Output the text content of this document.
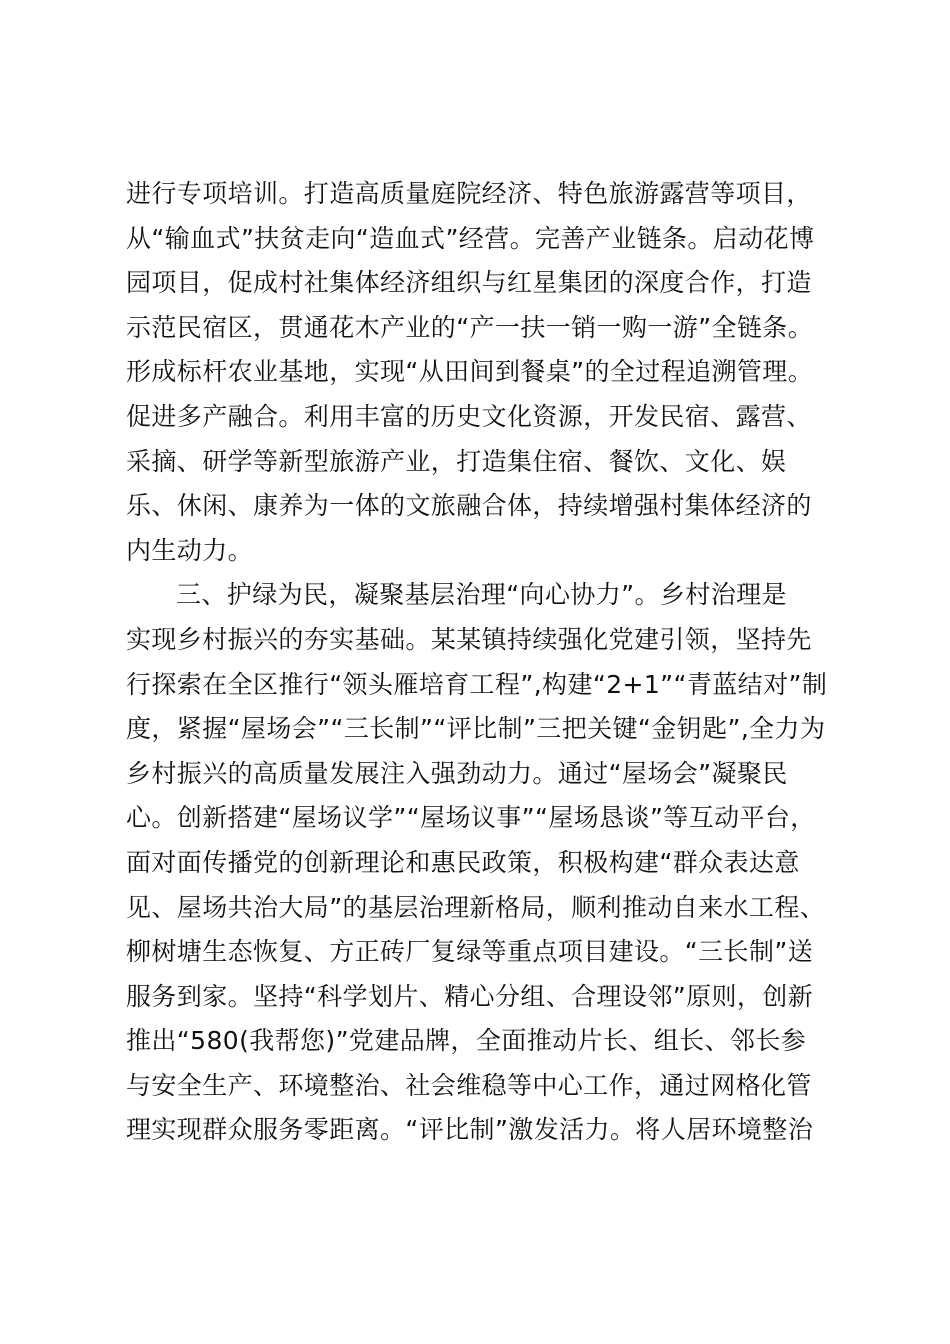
进行专项培训。打造高质量庭院经济、特色旅游露营等项目，
从“输血式”扶贫走向“造血式”经营。完善产业链条。启动花博
园项目，促成村社集体经济组织与红星集团的深度合作，打造
示范民宿区，贯通花木产业的“产一扶一销一购一游”全链条。
形成标杆农业基地，实现“从田间到餐桌”的全过程追溯管理。
促进多产融合。利用丰富的历史文化资源，开发民宿、露营、
采摘、研学等新型旅游产业，打造集住宿、餐饮、文化、娱
乐、休闲、康养为一体的文旅融合体，持续增强村集体经济的
内生动力。
三、护绿为民，凝聚基层治理“向心协力”。乡村治理是
实现乡村振兴的夯实基础。某某镇持续强化党建引领，坚持先
行探索在全区推行“领头雁培育工程”,构建“2+1”“青蓝结对”制
度，紧握“屋场会”“三长制”“评比制”三把关键“金钥匙”,全力为
乡村振兴的高质量发展注入强劲动力。通过“屋场会”凝聚民
心。创新搭建“屋场议学”“屋场议事”“屋场恳谈”等互动平台，
面对面传播党的创新理论和惠民政策，积极构建“群众表达意
见、屋场共治大局”的基层治理新格局，顺利推动自来水工程、
柳树塘生态恢复、方正砖厂复绿等重点项目建设。“三长制”送
服务到家。坚持“科学划片、精心分组、合理设邻”原则，创新
推出“580(我帮您)”党建品牌，全面推动片长、组长、邻长参
与安全生产、环境整治、社会维稳等中心工作，通过网格化管
理实现群众服务零距离。“评比制”激发活力。将人居环境整治
